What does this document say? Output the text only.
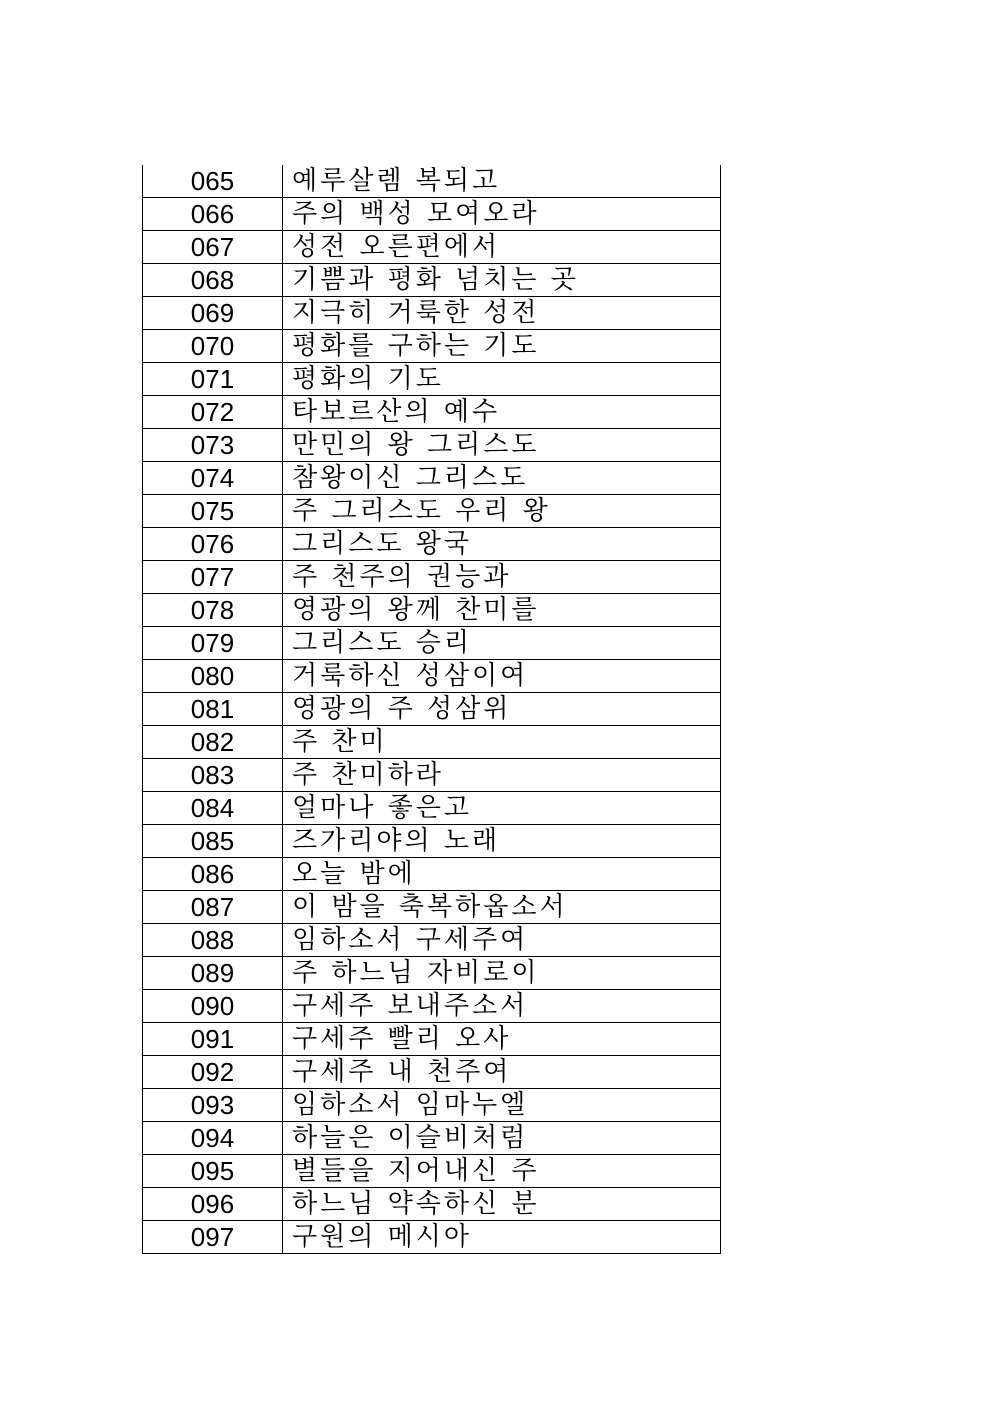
065	예루살렘 복되고
066	주의 백성 모여오라
067	성전 오른편에서
068	기쁨과 평화 넘치는 곳
069	지극히 거룩한 성전
070	평화를 구하는 기도
071	평화의 기도
072	타보르산의 예수
073	만민의 왕 그리스도
074	참왕이신 그리스도
075	주 그리스도 우리 왕
076	그리스도 왕국
077	주 천주의 권능과
078	영광의 왕께 찬미를
079	그리스도 승리
080	거룩하신 성삼이여
081	영광의 주 성삼위
082	주 찬미
083	주 찬미하라
084	얼마나 좋은고
085	즈가리야의 노래
086	오늘 밤에
087	이 밤을 축복하옵소서
088	임하소서 구세주여
089	주 하느님 자비로이
090	구세주 보내주소서
091	구세주 빨리 오사
092	구세주 내 천주여
093	임하소서 임마누엘
094	하늘은 이슬비처럼
095	별들을 지어내신 주
096	하느님 약속하신 분
097	구원의 메시아
